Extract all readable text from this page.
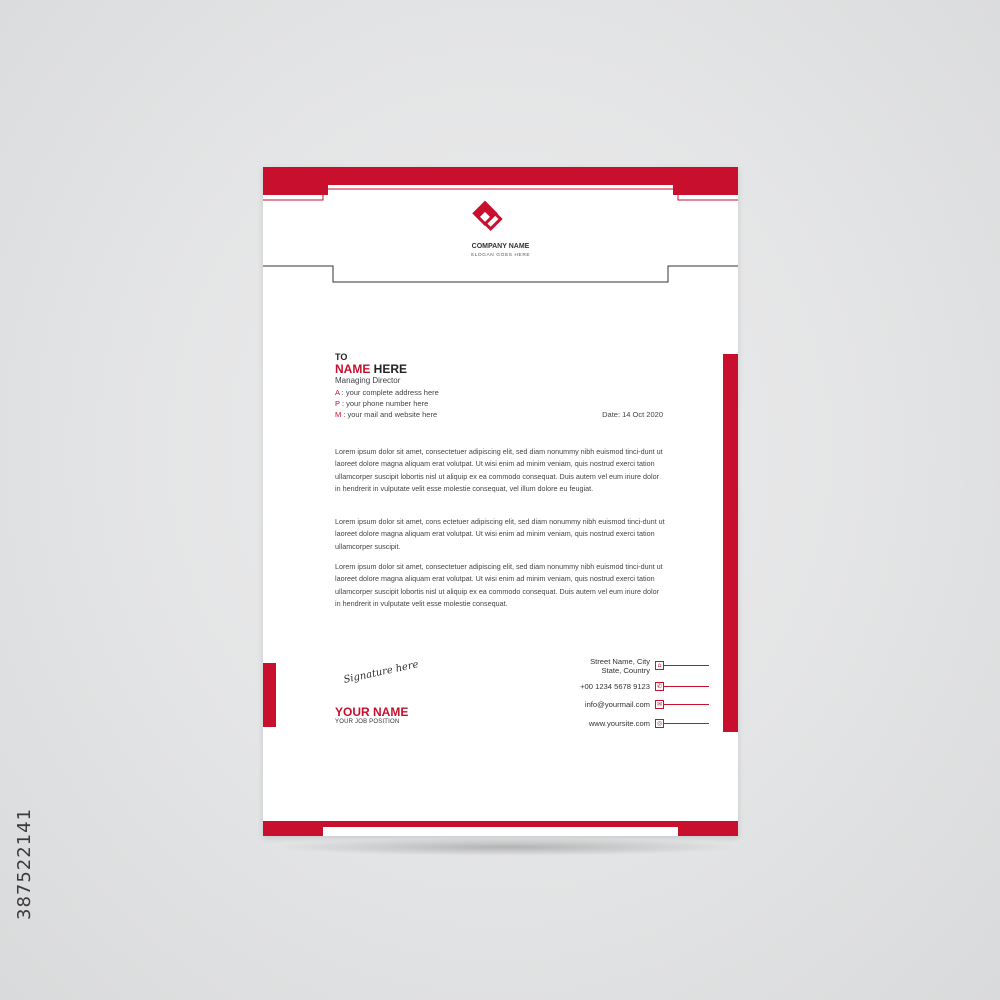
COMPANY NAME
SLOGAN GOES HERE
TO
NAME HERE
Managing Director
A : your complete address here
P : your phone number here
M : your mail and website here	Date: 14 Oct 2020

Lorem ipsum dolor sit amet, consectetuer adipiscing elit, sed diam nonummy nibh euismod tinci-dunt ut laoreet dolore magna aliquam erat volutpat. Ut wisi enim ad minim veniam, quis nostrud exerci tation ullamcorper suscipit lobortis nisl ut aliquip ex ea commodo consequat. Duis autem vel eum iriure dolor in hendrerit in vulputate velit esse molestie consequat, vel illum dolore eu feugiat.

Lorem ipsum dolor sit amet, cons ectetuer adipiscing elit, sed diam nonummy nibh euismod tinci-dunt ut laoreet dolore magna aliquam erat volutpat. Ut wisi enim ad minim veniam, quis nostrud exerci tation ullamcorper suscipit.

Lorem ipsum dolor sit amet, consectetuer adipiscing elit, sed diam nonummy nibh euismod tinci-dunt ut laoreet dolore magna aliquam erat volutpat. Ut wisi enim ad minim veniam, quis nostrud exerci tation ullamcorper suscipit lobortis nisl ut aliquip ex ea commodo consequat. Duis autem vel eum iriure dolor in hendrerit in vulputate velit esse molestie consequat.

Signature here
YOUR NAME
YOUR JOB POSITION
Street Name, City
State, Country
+00 1234 5678 9123
info@yourmail.com
www.yoursite.com
⌂
✆
✉
◎
387522141
